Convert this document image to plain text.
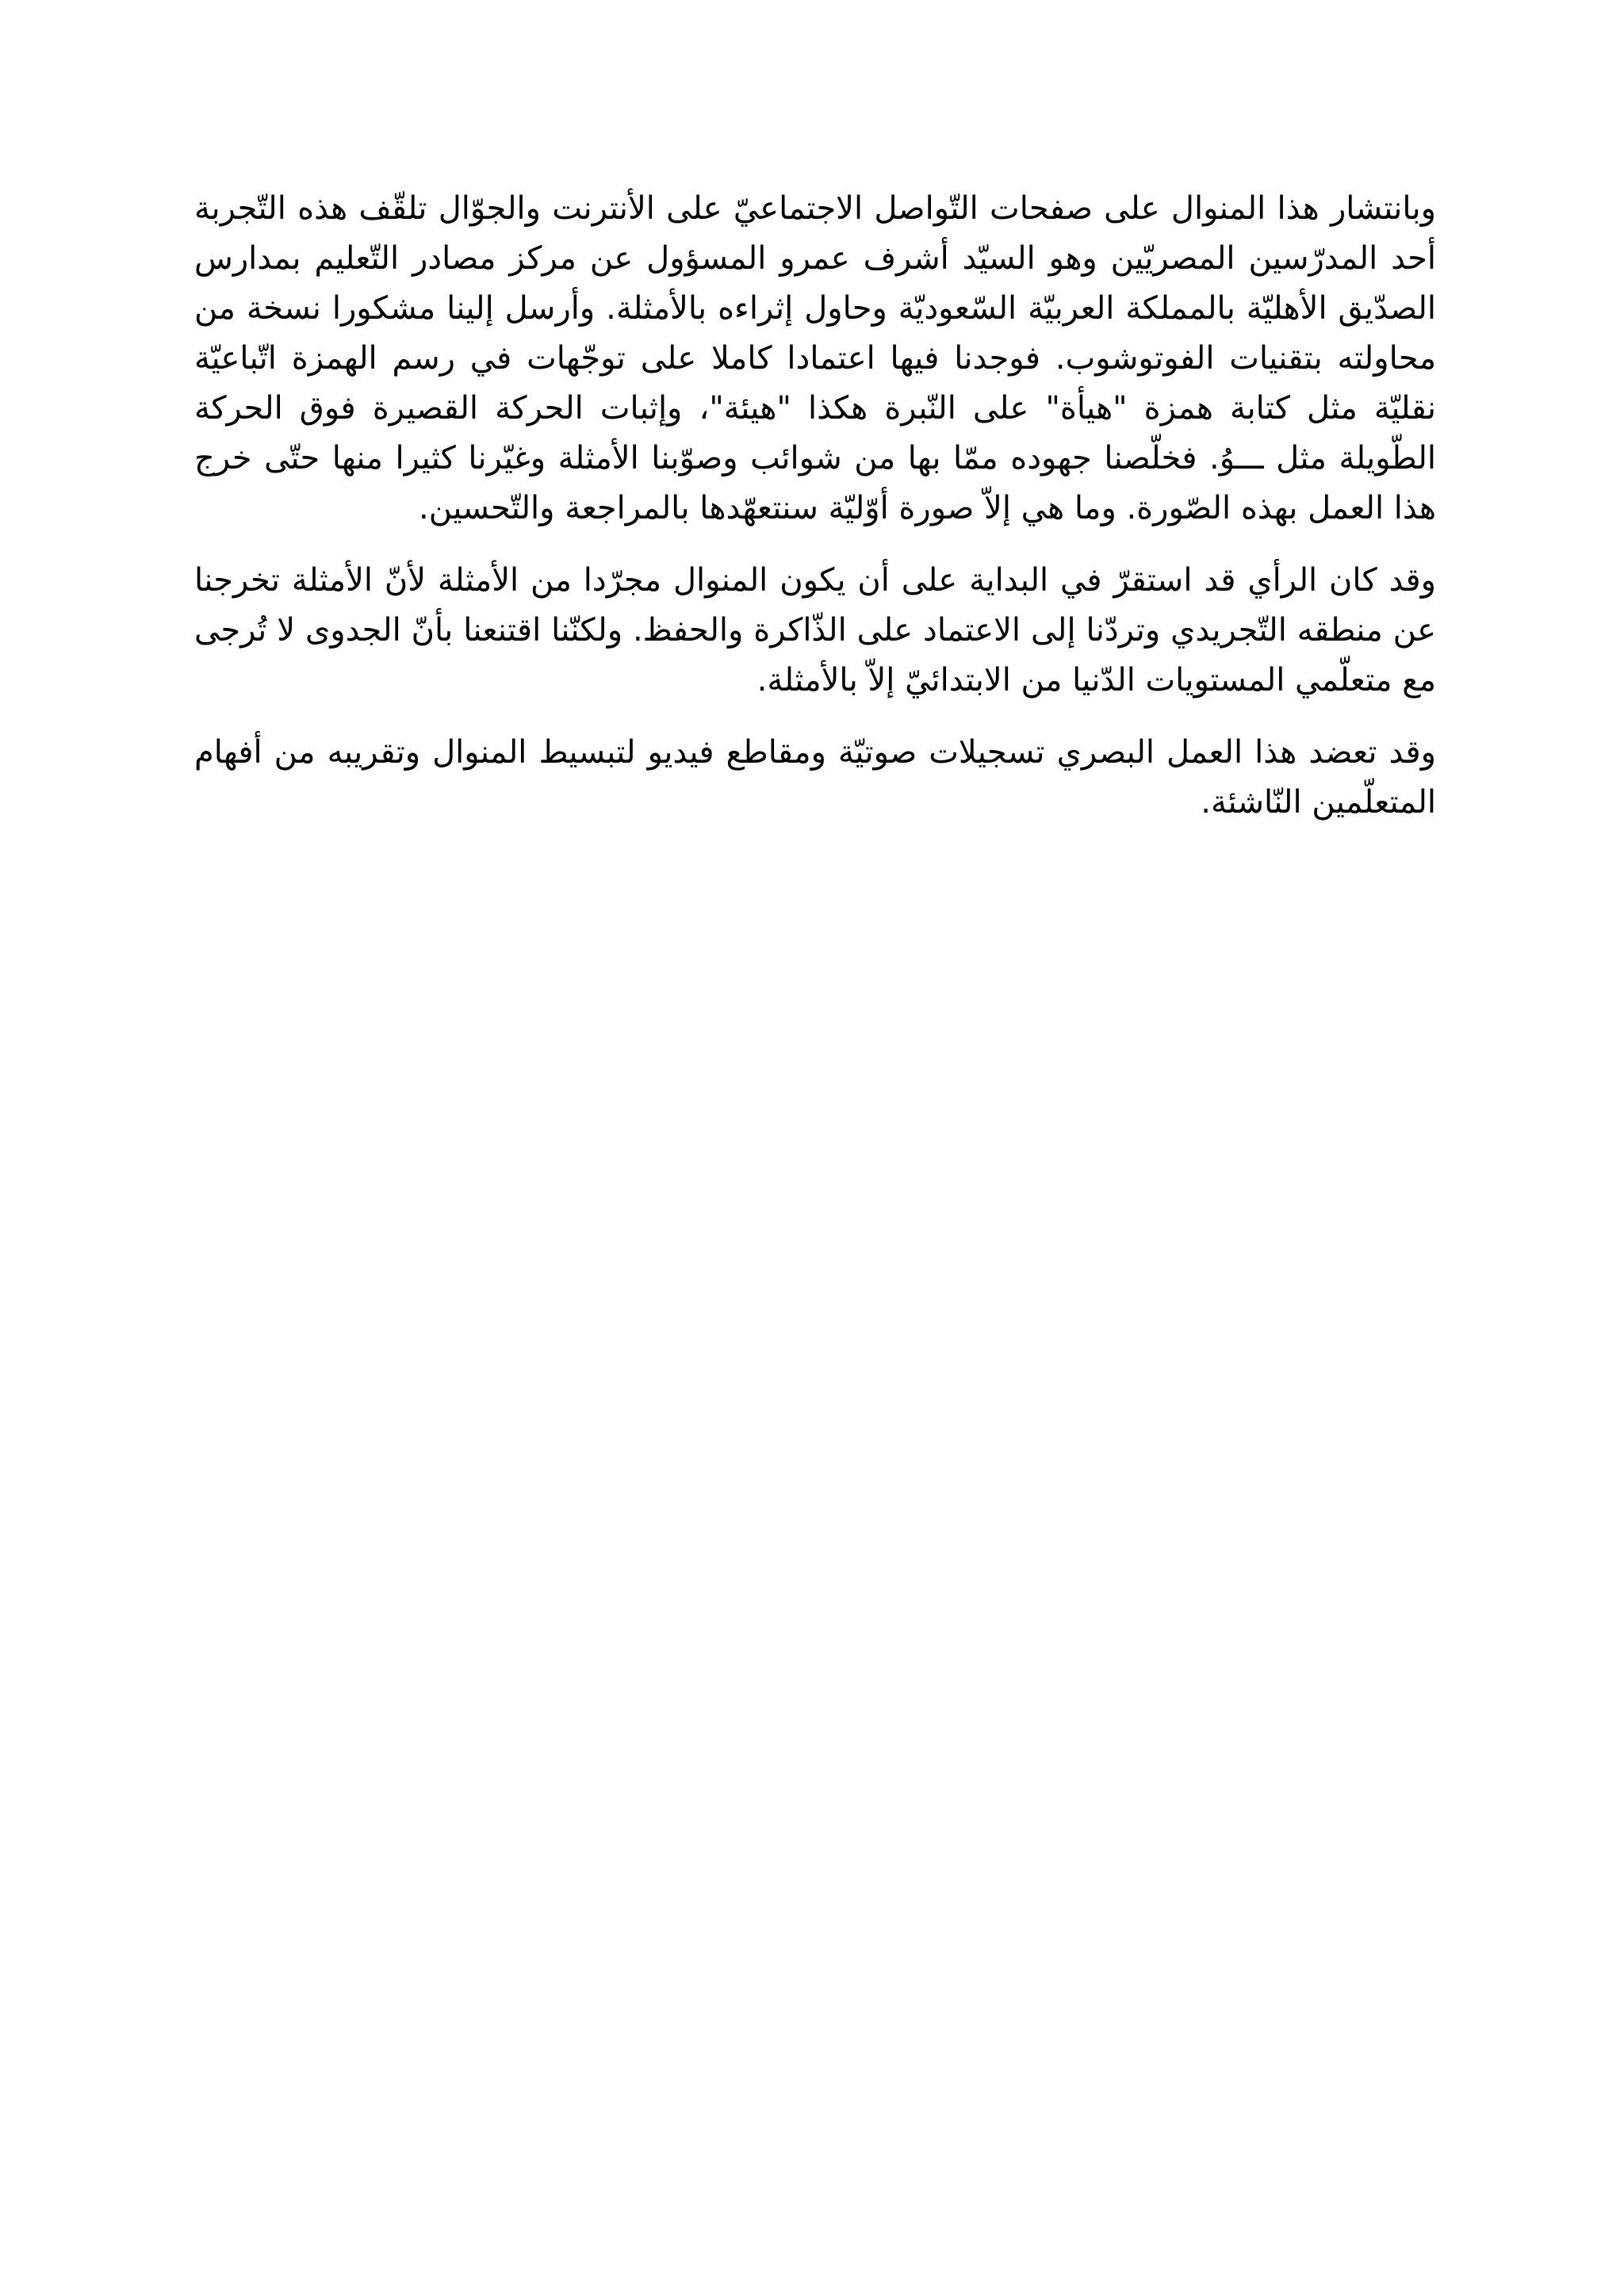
وبانتشار هذا المنوال على صفحات التّواصل الاجتماعيّ على الأنترنت والجوّال تلقّف هذه التّجربة أحد المدرّسين المصريّين وهو السيّد أشرف عمرو المسؤول عن مركز مصادر التّعليم بمدارس الصدّيق الأهليّة بالمملكة العربيّة السّعوديّة وحاول إثراءه بالأمثلة. وأرسل إلينا مشكورا نسخة من محاولته بتقنيات الفوتوشوب. فوجدنا فيها اعتمادا كاملا على توجّهات في رسم الهمزة اتّباعيّة نقليّة مثل كتابة همزة "هيأة" على النّبرة هكذا "هيئة"، وإثبات الحركة القصيرة فوق الحركة الطّويلة مثل ـــوُ. فخلّصنا جهوده ممّا بها من شوائب وصوّبنا الأمثلة وغيّرنا كثيرا منها حتّى خرج هذا العمل بهذه الصّورة. وما هي إلاّ صورة أوّليّة سنتعهّدها بالمراجعة والتّحسين.

وقد كان الرأي قد استقرّ في البداية على أن يكون المنوال مجرّدا من الأمثلة لأنّ الأمثلة تخرجنا عن منطقه التّجريدي وتردّنا إلى الاعتماد على الذّاكرة والحفظ. ولكنّنا اقتنعنا بأنّ الجدوى لا تُرجى مع متعلّمي المستويات الدّنيا من الابتدائيّ إلاّ بالأمثلة.

وقد تعضد هذا العمل البصري تسجيلات صوتيّة ومقاطع فيديو لتبسيط المنوال وتقريبه من أفهام المتعلّمين النّاشئة.
